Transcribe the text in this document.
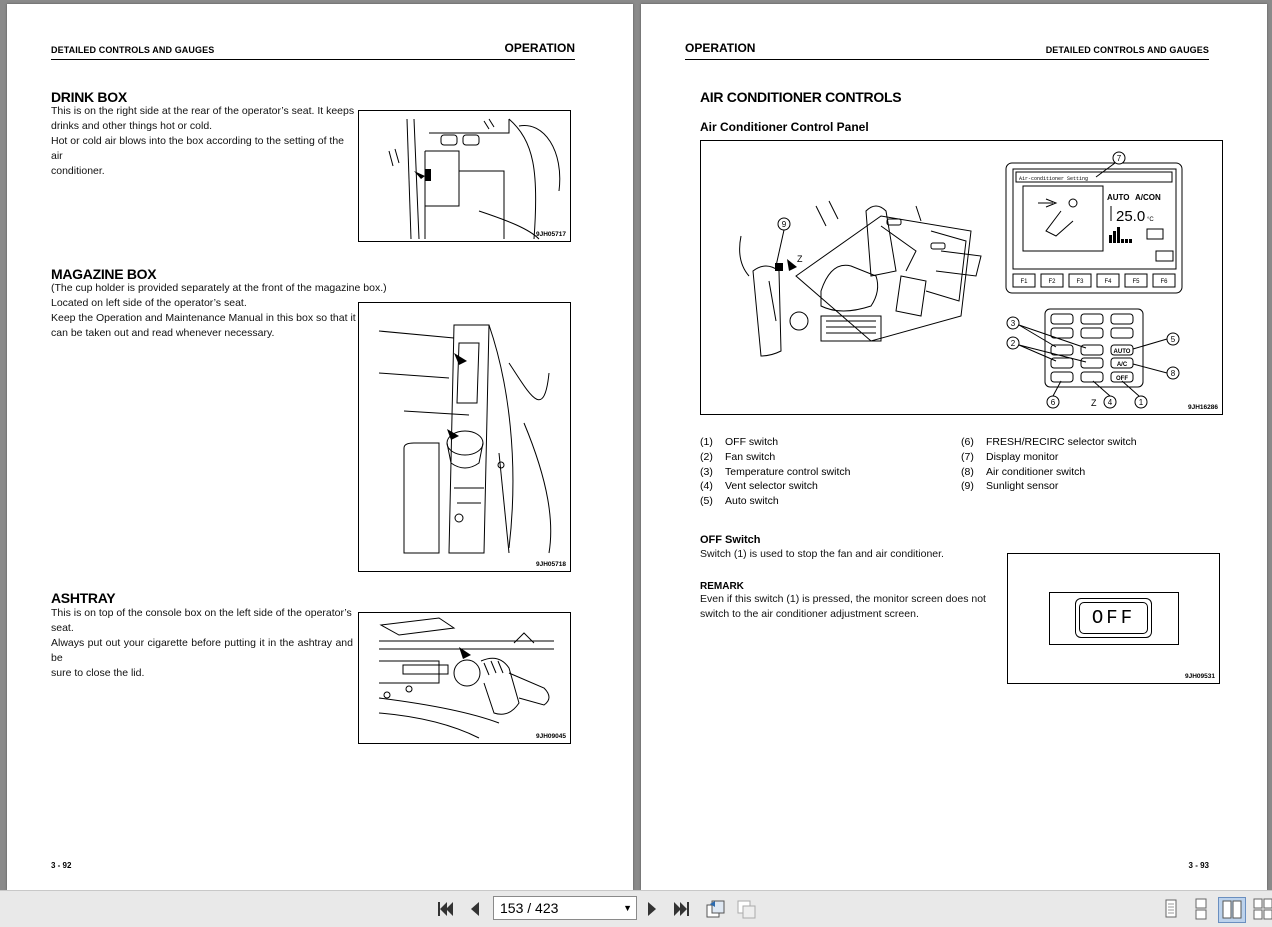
DETAILED CONTROLS AND GAUGES	OPERATION
DRINK BOX
This is on the right side at the rear of the operator’s seat. It keeps
drinks and other things hot or cold.
Hot or cold air blows into the box according to the setting of the air
conditioner.
9JH05717
MAGAZINE BOX
(The cup holder is provided separately at the front of the magazine box.)
Located on left side of the operator’s seat.
Keep the Operation and Maintenance Manual in this box so that it
can be taken out and read whenever necessary.
9JH05718
ASHTRAY
This is on top of the console box on the left side of the operator’s
seat.
Always put out your cigarette before putting it in the ashtray and be
sure to close the lid.
9JH09045
3 - 92
OPERATION	DETAILED CONTROLS AND GAUGES
AIR CONDITIONER CONTROLS
Air Conditioner Control Panel
9
Z
Air-conditioner Setting
AUTO A/CON
25.0 °C
F1	F2	F3	F4	F5	F6
7
AUTO
A/C
OFF
3
2	5
8
6	4	1
Z	9JH16286
(1) OFF switch
(2) Fan switch
(3) Temperature control switch
(4) Vent selector switch
(5) Auto switch
(6) FRESH/RECIRC selector switch
(7) Display monitor
(8) Air conditioner switch
(9) Sunlight sensor
OFF Switch
Switch (1) is used to stop the fan and air conditioner.
REMARK
Even if this switch (1) is pressed, the monitor screen does not
switch to the air conditioner adjustment screen.	OFF
9JH09531
3 - 93
153 / 423	▼
